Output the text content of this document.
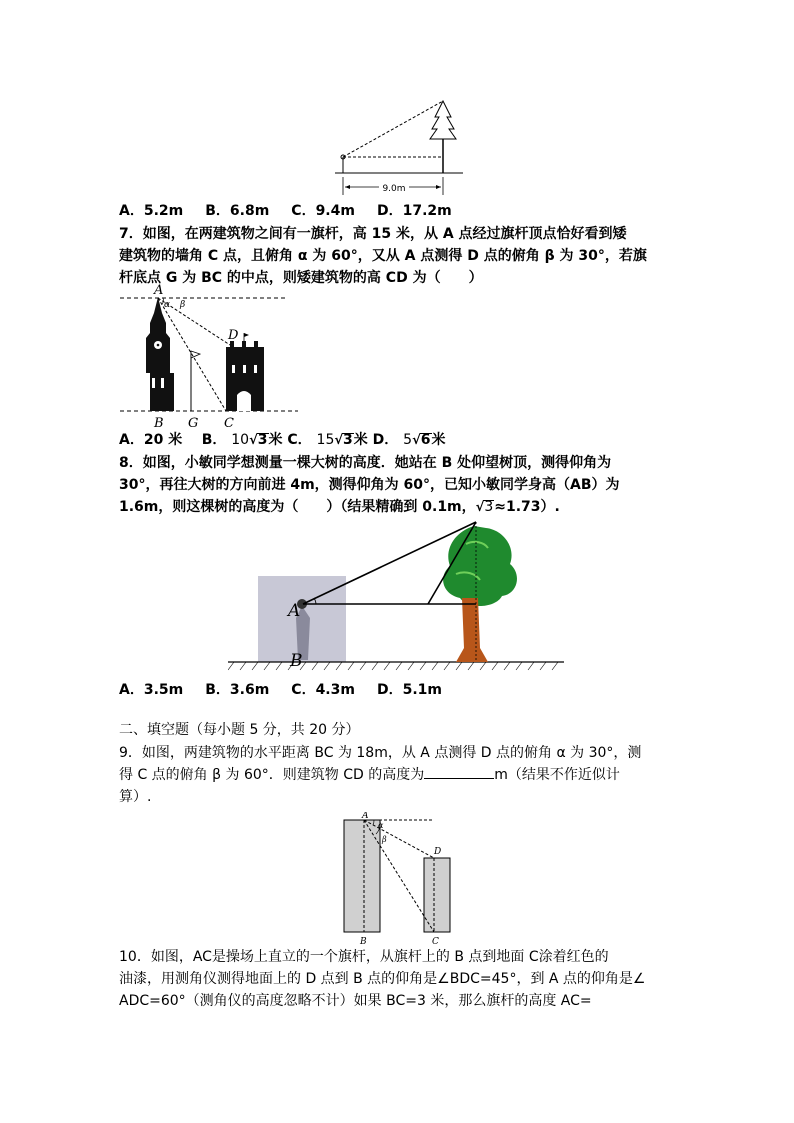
9.0m
A．5.2m B．6.8m C．9.4m D．17.2m
7．如图，在两建筑物之间有一旗杆，高 15 米，从 A 点经过旗杆顶点恰好看到矮
建筑物的墙角 C 点，且俯角 α 为 60°，又从 A 点测得 D 点的俯角 β 为 30°，若旗
杆底点 G 为 BC 的中点，则矮建筑物的高 CD 为（　　）
A
α β
D
B G C
A．20 米 B． 10√3米 C． 15√3米 D． 5√6米
8．如图，小敏同学想测量一棵大树的高度．她站在 B 处仰望树顶，测得仰角为
30°，再往大树的方向前进 4m，测得仰角为 60°，已知小敏同学身高（AB）为
1.6m，则这棵树的高度为（　　）（结果精确到 0.1m，√3≈1.73）.
A
B
A．3.5m B．3.6m C．4.3m D．5.1m
二、填空题（每小题 5 分，共 20 分）
9．如图，两建筑物的水平距离 BC 为 18m，从 A 点测得 D 点的俯角 α 为 30°，测
得 C 点的俯角 β 为 60°．则建筑物 CD 的高度为	m（结果不作近似计
算）.
A
α
β
D
B	C
10．如图，AC是操场上直立的一个旗杆，从旗杆上的 B 点到地面 C涂着红色的
油漆，用测角仪测得地面上的 D 点到 B 点的仰角是∠BDC=45°，到 A 点的仰角是∠
ADC=60°（测角仪的高度忽略不计）如果 BC=3 米，那么旗杆的高度 AC=
